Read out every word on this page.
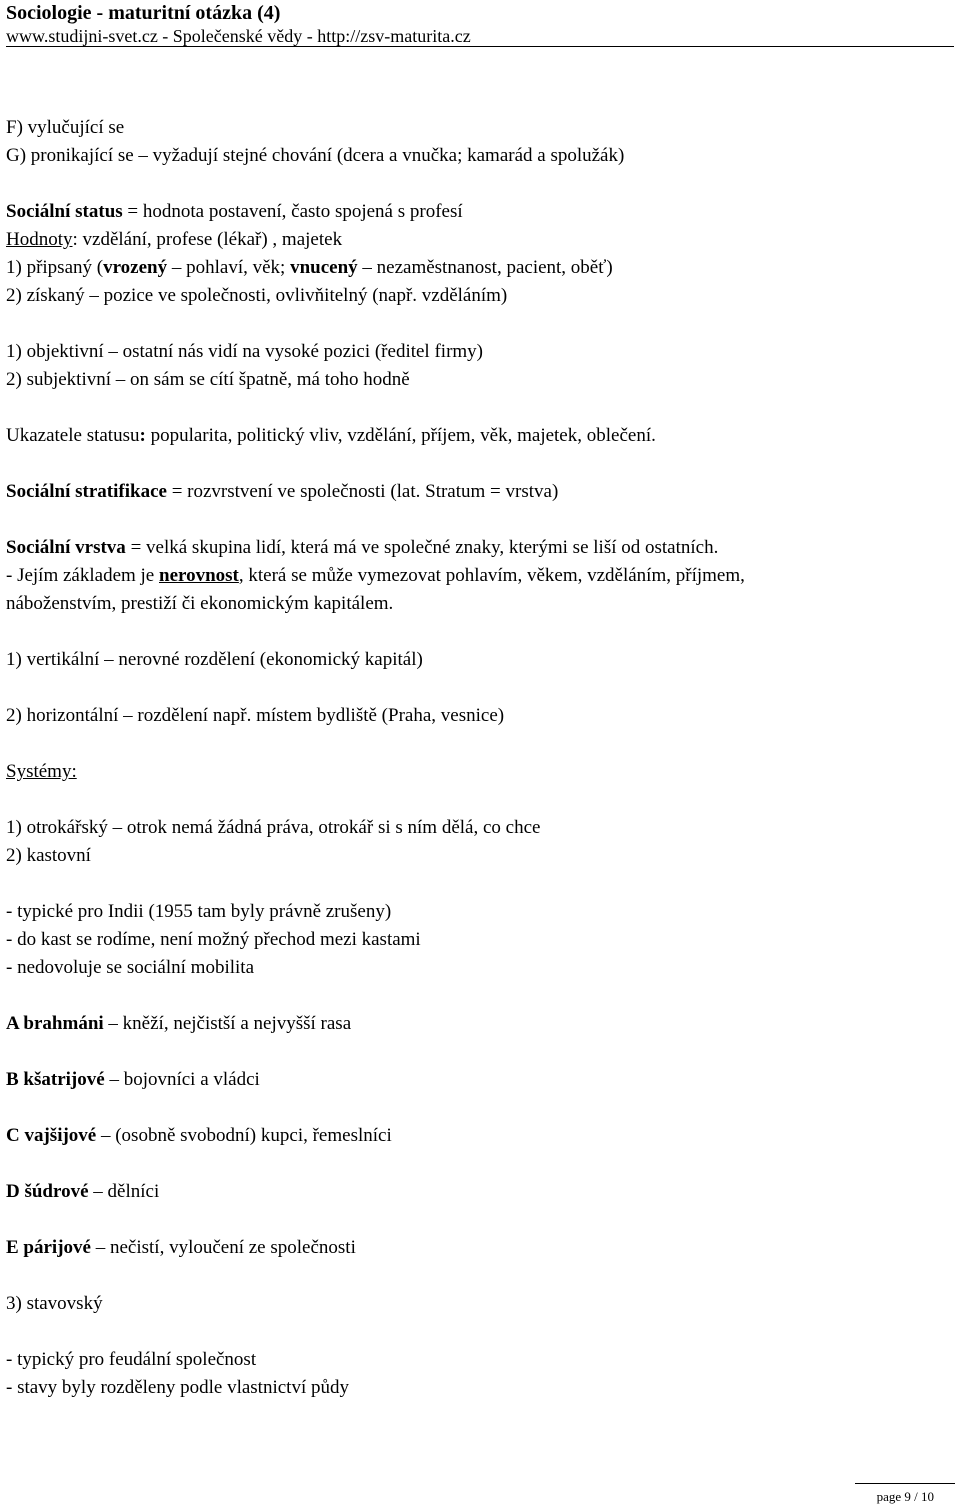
Sociologie - maturitní otázka (4)
www.studijni-svet.cz - Společenské vědy - http://zsv-maturita.cz
F) vylučující se
G) pronikající se – vyžadují stejné chování (dcera a vnučka; kamarád a spolužák)
Sociální status = hodnota postavení, často spojená s profesí
Hodnoty: vzdělání, profese (lékař) , majetek
1) připsaný (vrozený – pohlaví, věk; vnucený – nezaměstnanost, pacient, oběť)
2) získaný – pozice ve společnosti, ovlivňitelný (např. vzděláním)
1) objektivní – ostatní nás vidí na vysoké pozici (ředitel firmy)
2) subjektivní – on sám se cítí špatně, má toho hodně
Ukazatele statusu: popularita, politický vliv, vzdělání, příjem, věk, majetek, oblečení.
Sociální stratifikace = rozvrstvení ve společnosti (lat. Stratum = vrstva)
Sociální vrstva = velká skupina lidí, která má ve společné znaky, kterými se liší od ostatních.
- Jejím základem je nerovnost, která se může vymezovat pohlavím, věkem, vzděláním, příjmem,
náboženstvím, prestiží či ekonomickým kapitálem.
1) vertikální – nerovné rozdělení (ekonomický kapitál)
2) horizontální – rozdělení např. místem bydliště (Praha, vesnice)
Systémy:
1) otrokářský – otrok nemá žádná práva, otrokář si s ním dělá, co chce
2) kastovní
- typické pro Indii (1955 tam byly právně zrušeny)
- do kast se rodíme, není možný přechod mezi kastami
- nedovoluje se sociální mobilita
A brahmáni – kněží, nejčistší a nejvyšší rasa
B kšatrijové – bojovníci a vládci
C vajšijové – (osobně svobodní) kupci, řemeslníci
D šúdrové – dělníci
E párijové – nečistí, vyloučení ze společnosti
3) stavovský
- typický pro feudální společnost
- stavy byly rozděleny podle vlastnictví půdy
page 9 / 10
